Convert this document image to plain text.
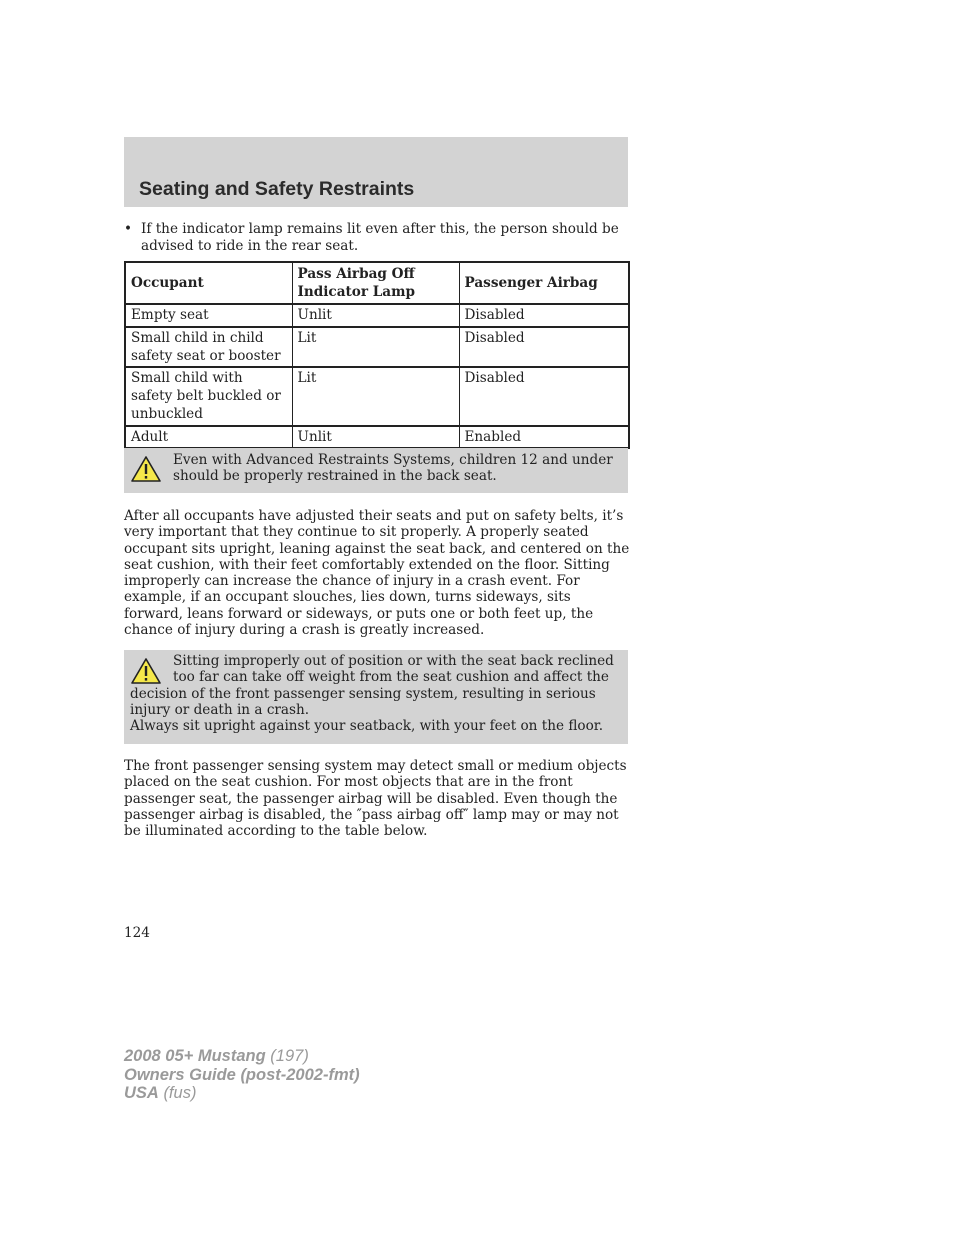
Seating and Safety Restraints
• If the indicator lamp remains lit even after this, the person should be advised to ride in the rear seat.
Occupant	Pass Airbag Off Indicator Lamp	Passenger Airbag
Empty seat	Unlit	Disabled
Small child in child safety seat or booster	Lit	Disabled
Small child with safety belt buckled or unbuckled	Lit	Disabled
Adult	Unlit	Enabled
Even with Advanced Restraints Systems, children 12 and under should be properly restrained in the back seat.

After all occupants have adjusted their seats and put on safety belts, it’s very important that they continue to sit properly. A properly seated occupant sits upright, leaning against the seat back, and centered on the seat cushion, with their feet comfortably extended on the floor. Sitting improperly can increase the chance of injury in a crash event. For example, if an occupant slouches, lies down, turns sideways, sits forward, leans forward or sideways, or puts one or both feet up, the chance of injury during a crash is greatly increased.

Sitting improperly out of position or with the seat back reclined too far can take off weight from the seat cushion and affect the decision of the front passenger sensing system, resulting in serious injury or death in a crash.
Always sit upright against your seatback, with your feet on the floor.

The front passenger sensing system may detect small or medium objects placed on the seat cushion. For most objects that are in the front passenger seat, the passenger airbag will be disabled. Even though the passenger airbag is disabled, the ″pass airbag off″ lamp may or may not be illuminated according to the table below.

124
2008 05+ Mustang (197)
Owners Guide (post-2002-fmt)
USA (fus)
